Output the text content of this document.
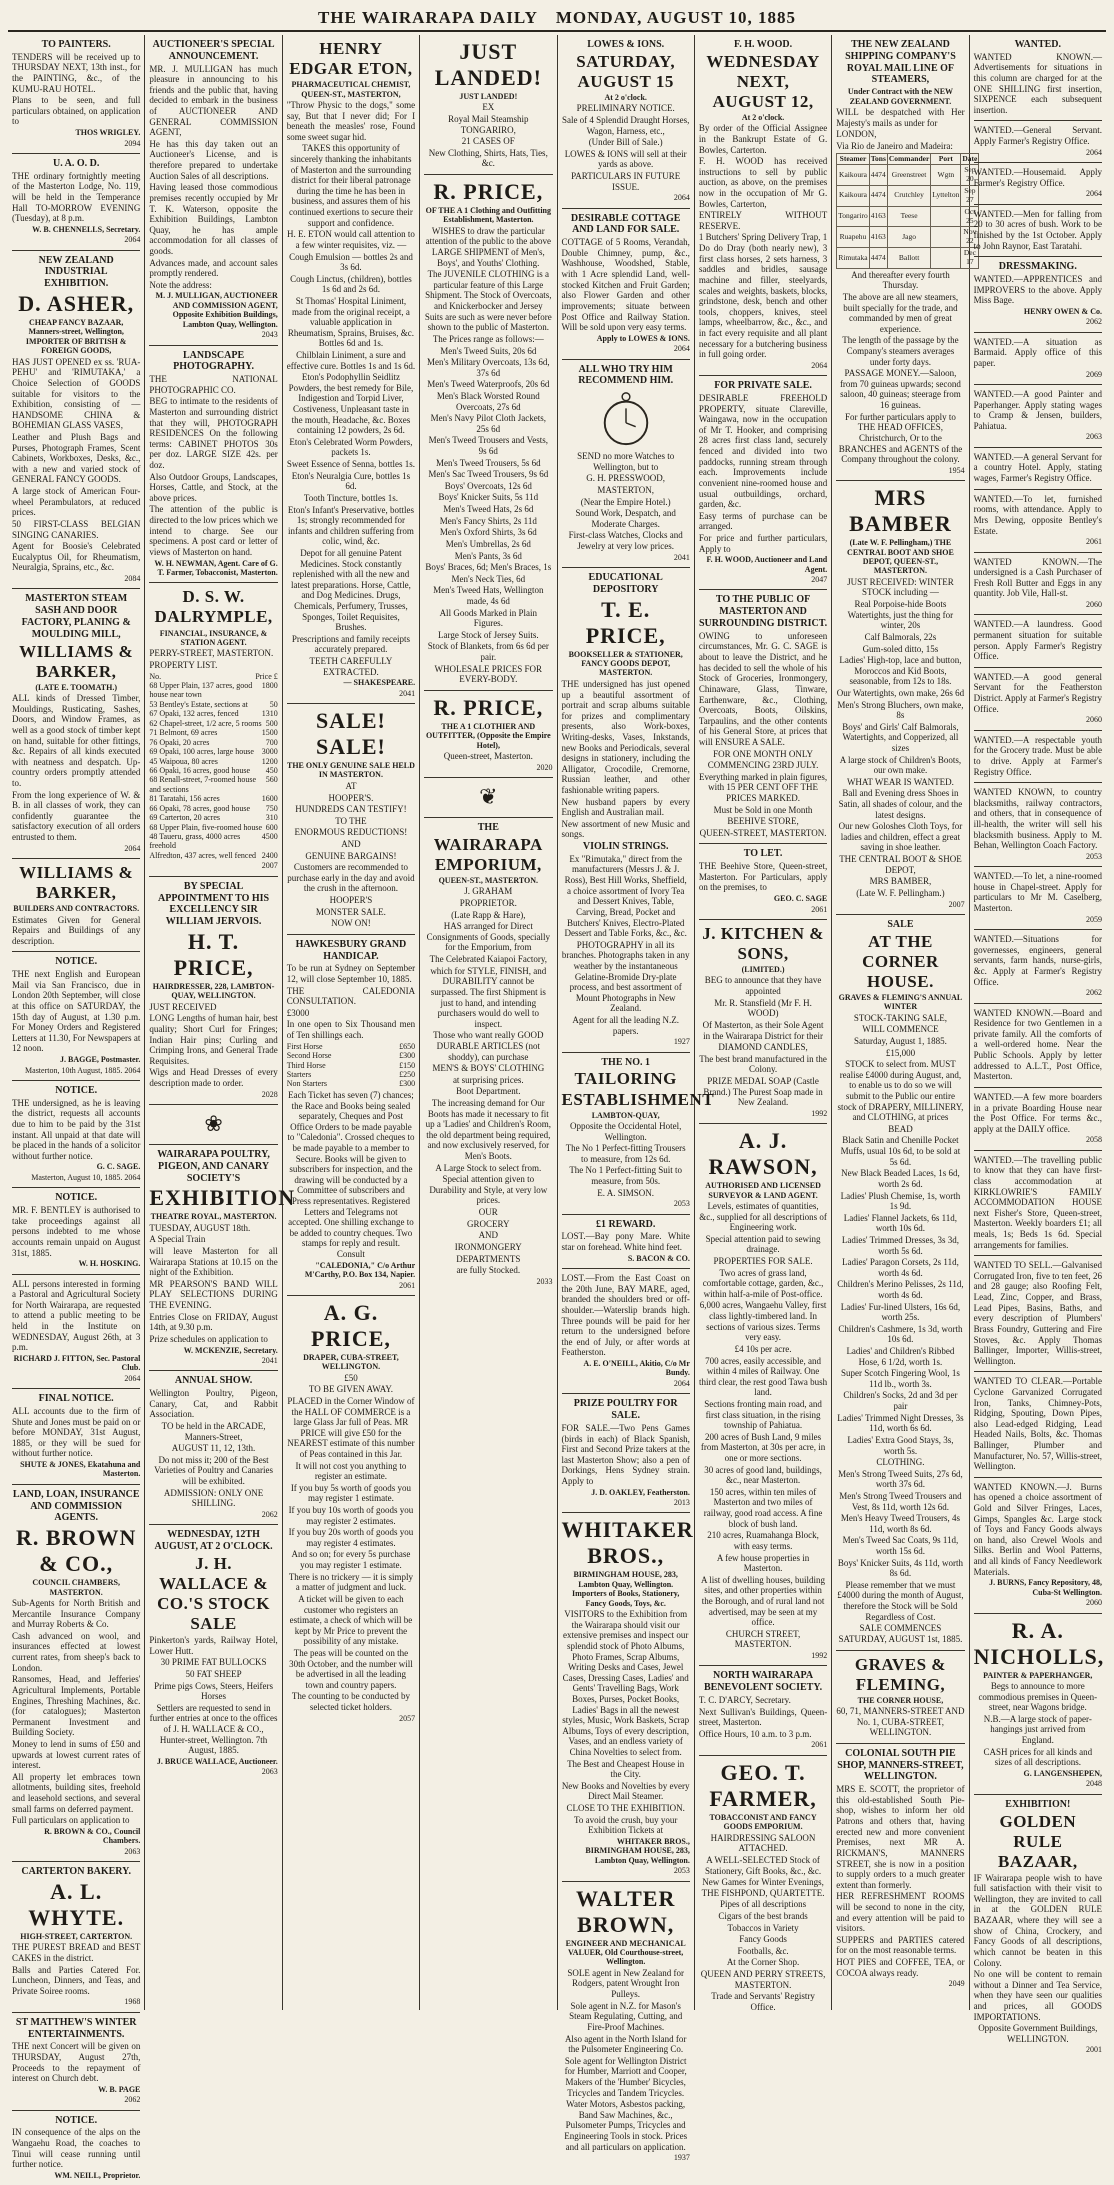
THE WAIRARAPA DAILY MONDAY, AUGUST 10, 1885
TO PAINTERS.

TENDERS will be received up to THURSDAY NEXT, 13th inst., for the PAINTING, &c., of the KUMU-RAU HOTEL.

Plans to be seen, and full particulars obtained, on application to

THOS WRIGLEY.

2094

U. A. O. D.

THE ordinary fortnightly meeting of the Masterton Lodge, No. 119, will be held in the Temperance Hall TO-MORROW EVENING (Tuesday), at 8 p.m.

W. B. CHENNELLS, Secretary.

2064

NEW ZEALAND INDUSTRIAL EXHIBITION.
D. ASHER,
CHEAP FANCY BAZAAR, Manners-street, Wellington, IMPORTER OF BRITISH & FOREIGN GOODS,

HAS JUST OPENED ex ss. 'RUA-PEHU' and 'RIMUTAKA,' a Choice Selection of GOODS suitable for visitors to the Exhibition, consisting of — HANDSOME CHINA & BOHEMIAN GLASS VASES,

Leather and Plush Bags and Purses, Photograph Frames, Scent Cabinets, Workboxes, Desks, &c., with a new and varied stock of GENERAL FANCY GOODS.

A large stock of American Four-wheel Perambulators, at reduced prices.

50 FIRST-CLASS BELGIAN SINGING CANARIES.

Agent for Boosie's Celebrated Eucalyptus Oil, for Rheumatism, Neuralgia, Sprains, etc., &c.

2084

MASTERTON STEAM SASH AND DOOR FACTORY, PLANING & MOULDING MILL,
WILLIAMS & BARKER,
(LATE E. TOOMATH.)

ALL kinds of Dressed Timber, Mouldings, Rusticating, Sashes, Doors, and Window Frames, as well as a good stock of timber kept on hand, suitable for other fittings, &c. Repairs of all kinds executed with neatness and despatch. Up-country orders promptly attended to.

From the long experience of W. & B. in all classes of work, they can confidently guarantee the satisfactory execution of all orders entrusted to them.

2064

WILLIAMS & BARKER,
BUILDERS AND CONTRACTORS.

Estimates Given for General Repairs and Buildings of any description.

NOTICE.

THE next English and European Mail via San Francisco, due in London 20th September, will close at this office on SATURDAY, the 15th day of August, at 1.30 p.m. For Money Orders and Registered Letters at 11.30, For Newspapers at 12 noon.

J. BAGGE, Postmaster.

Masterton, 10th August, 1885. 2064

NOTICE.

THE undersigned, as he is leaving the district, requests all accounts due to him to be paid by the 31st instant. All unpaid at that date will be placed in the hands of a solicitor without further notice.

G. C. SAGE.

Masterton, August 10, 1885. 2064

NOTICE.

MR. F. BENTLEY is authorised to take proceedings against all persons indebted to me whose accounts remain unpaid on August 31st, 1885.

W. H. HOSKING.

ALL persons interested in forming a Pastoral and Agricultural Society for North Wairarapa, are requested to attend a public meeting to be held in the Institute on WEDNESDAY, August 26th, at 3 p.m.

RICHARD J. FITTON, Sec. Pastoral Club.

2064

FINAL NOTICE.

ALL accounts due to the firm of Shute and Jones must be paid on or before MONDAY, 31st August, 1885, or they will be sued for without further notice.

SHUTE & JONES, Ekatahuna and Masterton.

LAND, LOAN, INSURANCE AND COMMISSION AGENTS.
R. BROWN & CO.,
COUNCIL CHAMBERS, MASTERTON.

Sub-Agents for North British and Mercantile Insurance Company and Murray Roberts & Co.

Cash advanced on wool, and insurances effected at lowest current rates, from sheep's back to London.

Ransomes, Head, and Jefferies' Agricultural Implements, Portable Engines, Threshing Machines, &c. (for catalogues); Masterton Permanent Investment and Building Society.

Money to lend in sums of £50 and upwards at lowest current rates of interest.

All property let embraces town allotments, building sites, freehold and leasehold sections, and several small farms on deferred payment.

Full particulars on application to

R. BROWN & CO., Council Chambers.

2063

CARTERTON BAKERY.
A. L. WHYTE.
HIGH-STREET, CARTERTON.

THE PUREST BREAD and BEST CAKES in the district.

Balls and Parties Catered For. Luncheon, Dinners, and Teas, and Private Soiree rooms.

1968

ST MATTHEW'S WINTER ENTERTAINMENTS.

THE next Concert will be given on THURSDAY, August 27th, Proceeds to the repayment of interest on Church debt.

W. B. PAGE

2062

NOTICE.

IN consequence of the alps on the Wangaehu Road, the coaches to Tinui will cease running until further notice.

WM. NEILL, Proprietor.

AUCTIONEER'S SPECIAL ANNOUNCEMENT.

MR. J. MULLIGAN has much pleasure in announcing to his friends and the public that, having decided to embark in the business of AUCTIONEER AND GENERAL COMMISSION AGENT,

He has this day taken out an Auctioneer's License, and is therefore prepared to undertake Auction Sales of all descriptions.

Having leased those commodious premises recently occupied by Mr T. K. Waterson, opposite the Exhibition Buildings, Lambton Quay, he has ample accommodation for all classes of goods.

Advances made, and account sales promptly rendered.

Note the address:

M. J. MULLIGAN, AUCTIONEER AND COMMISSION AGENT, Opposite Exhibition Buildings, Lambton Quay, Wellington.

2043

LANDSCAPE PHOTOGRAPHY.

THE NATIONAL PHOTOGRAPHIC CO.

BEG to intimate to the residents of Masterton and surrounding district that they will, PHOTOGRAPH RESIDENCES On the following terms: CABINET PHOTOS 30s per doz. LARGE SIZE 42s. per doz.

Also Outdoor Groups, Landscapes, Horses, Cattle, and Stock, at the above prices.

The attention of the public is directed to the low prices which we intend to charge. See our specimens. A post card or letter of views of Masterton on hand.

W. H. NEWMAN, Agent. Care of G. T. Farmer, Tobacconist, Masterton.

D. S. W. DALRYMPLE,
FINANCIAL, INSURANCE, & STATION AGENT.

PERRY-STREET, MASTERTON.

PROPERTY LIST.

No.	Price £
68 Upper Plain, 137 acres, good house near town
1800
53 Bentley's Estate, sections at	50
67 Opaki, 132 acres, fenced	1310
62 Chapel-street, 1/2 acre, 5 rooms 500
71 Belmont, 69 acres	1500
76 Opaki, 20 acres	700
69 Opaki, 100 acres, large house 3000
45 Waipoua, 80 acres	1200
66 Opaki, 16 acres, good house 450
68 Renall-street, 7-roomed house and sections
560
81 Taratahi, 156 acres	1600
66 Opaki, 78 acres, good house 750
69 Carterton, 20 acres	310
68 Upper Plain, five-roomed house 600
48 Taueru, grass, 4000 acres freehold
4500
Alfredton, 437 acres, well fenced 2400

2007

BY SPECIAL APPOINTMENT TO HIS EXCELLENCY SIR WILLIAM JERVOIS.
H. T. PRICE,
HAIRDRESSER, 228, LAMBTON-QUAY, WELLINGTON.

JUST RECEIVED

LONG Lengths of human hair, best quality; Short Curl for Fringes; Indian Hair pins; Curling and Crimping Irons, and General Trade Requisites.

Wigs and Head Dresses of every description made to order.

2028

❀
WAIRARAPA POULTRY, PIGEON, AND CANARY SOCIETY'S
EXHIBITION
THEATRE ROYAL, MASTERTON.

TUESDAY, AUGUST 18th.

A Special Train

will leave Masterton for all Wairarapa Stations at 10.15 on the night of the Exhibition.

MR PEARSON'S BAND WILL PLAY SELECTIONS DURING THE EVENING.

Entries Close on FRIDAY, August 14th, at 9.30 p.m.

Prize schedules on application to

W. MCKENZIE, Secretary.

2041

ANNUAL SHOW.

Wellington Poultry, Pigeon, Canary, Cat, and Rabbit Association.

TO be held in the ARCADE, Manners-Street,

AUGUST 11, 12, 13th.

Do not miss it; 200 of the Best Varieties of Poultry and Canaries will be exhibited.

ADMISSION: ONLY ONE SHILLING.

2062

WEDNESDAY, 12TH AUGUST, AT 2 O'CLOCK.
J. H. WALLACE & CO.'S STOCK SALE

Pinkerton's yards, Railway Hotel, Lower Hutt.

30 PRIME FAT BULLOCKS

50 FAT SHEEP

Prime pigs Cows, Steers, Heifers Horses

Settlers are requested to send in further entries at once to the offices of J. H. WALLACE & CO., Hunter-street, Wellington. 7th August, 1885.

J. BRUCE WALLACE, Auctioneer.

2063

HENRY EDGAR ETON,
PHARMACEUTICAL CHEMIST, QUEEN-ST., MASTERTON,

"Throw Physic to the dogs," some say, But that I never did; For I beneath the measles' rose, Found some sweet sugar hid.

TAKES this opportunity of sincerely thanking the inhabitants of Masterton and the surrounding district for their liberal patronage during the time he has been in business, and assures them of his continued exertions to secure their support and confidence.

H. E. ETON would call attention to a few winter requisites, viz. —

Cough Emulsion — bottles 2s and 3s 6d.

Cough Linctus, (children), bottles 1s 6d and 2s 6d.

St Thomas' Hospital Liniment, made from the original receipt, a valuable application in Rheumatism, Sprains, Bruises, &c. Bottles 6d and 1s.

Chilblain Liniment, a sure and effective cure. Bottles 1s and 1s 6d.

Eton's Podophyllin Seidlitz Powders, the best remedy for Bile, Indigestion and Torpid Liver, Costiveness, Unpleasant taste in the mouth, Headache, &c. Boxes containing 12 powders, 2s 6d.

Eton's Celebrated Worm Powders, packets 1s.

Sweet Essence of Senna, bottles 1s.

Eton's Neuralgia Cure, bottles 1s 6d.

Tooth Tincture, bottles 1s.

Eton's Infant's Preservative, bottles 1s; strongly recommended for infants and children suffering from colic, wind, &c.

Depot for all genuine Patent Medicines. Stock constantly replenished with all the new and latest preparations. Horse, Cattle, and Dog Medicines. Drugs, Chemicals, Perfumery, Trusses, Sponges, Toilet Requisites, Brushes.

Prescriptions and family receipts accurately prepared.

TEETH CAREFULLY EXTRACTED.

— SHAKESPEARE.

2041

SALE! SALE!
THE ONLY GENUINE SALE HELD IN MASTERTON.

AT

HOOPER'S.

HUNDREDS CAN TESTIFY!

TO THE

ENORMOUS REDUCTIONS!

AND

GENUINE BARGAINS!

Customers are recommended to purchase early in the day and avoid the crush in the afternoon.

HOOPER'S

MONSTER SALE.

NOW ON!

HAWKESBURY GRAND HANDICAP.

To be run at Sydney on September 12, will close September 10, 1885.

THE CALEDONIA CONSULTATION.

£3000

In one open to Six Thousand men of Ten shillings each.

First Horse	£650
Second Horse	£300
Third Horse	£150
Starters	£250
Non Starters	£300

Each Ticket has seven (7) chances; the Race and Books being sealed separately, Cheques and Post Office Orders to be made payable to "Caledonia". Crossed cheques to be made payable to a member to Secure. Books will be given to subscribers for inspection, and the drawing will be conducted by a Committee of subscribers and Press representatives. Registered Letters and Telegrams not accepted. One shilling exchange to be added to country cheques. Two stamps for reply and result. Consult

"CALEDONIA," C/o Arthur M'Carthy, P.O. Box 134, Napier.

2061

A. G. PRICE,
DRAPER, CUBA-STREET, WELLINGTON.

£50

TO BE GIVEN AWAY.

PLACED in the Corner Window of the HALL OF COMMERCE is a large Glass Jar full of Peas. MR PRICE will give £50 for the NEAREST estimate of this number of Peas contained in this Jar.

It will not cost you anything to register an estimate.

If you buy 5s worth of goods you may register 1 estimate.

If you buy 10s worth of goods you may register 2 estimates.

If you buy 20s worth of goods you may register 4 estimates.

And so on; for every 5s purchase you may register 1 estimate.

There is no trickery — it is simply a matter of judgment and luck.

A ticket will be given to each customer who registers an estimate, a check of which will be kept by Mr Price to prevent the possibility of any mistake.

The peas will be counted on the 30th October, and the number will be advertised in all the leading town and country papers.

The counting to be conducted by selected ticket holders.

2057

JUST LANDED!
JUST LANDED!

EX

Royal Mail Steamship TONGARIRO,

21 CASES OF

New Clothing, Shirts, Hats, Ties, &c.

R. PRICE,
OF THE A 1 Clothing and Outfitting Establishment, Masterton.

WISHES to draw the particular attention of the public to the above LARGE SHIPMENT of Men's, Boys', and Youths' Clothing.

The JUVENILE CLOTHING is a particular feature of this Large Shipment. The Stock of Overcoats, and Knickerbocker and Jersey Suits are such as were never before shown to the public of Masterton.

The Prices range as follows:—

Men's Tweed Suits, 20s 6d

Men's Military Overcoats, 13s 6d, 37s 6d

Men's Tweed Waterproofs, 20s 6d

Men's Black Worsted Round Overcoats, 27s 6d

Men's Navy Pilot Cloth Jackets, 25s 6d

Men's Tweed Trousers and Vests, 9s 6d

Men's Tweed Trousers, 5s 6d

Men's Sac Tweed Trousers, 9s 6d

Boys' Overcoats, 12s 6d

Boys' Knicker Suits, 5s 11d

Men's Tweed Hats, 2s 6d

Men's Fancy Shirts, 2s 11d

Men's Oxford Shirts, 3s 6d

Men's Umbrellas, 2s 6d

Men's Pants, 3s 6d

Boys' Braces, 6d; Men's Braces, 1s

Men's Neck Ties, 6d

Men's Tweed Hats, Wellington made, 4s 6d

All Goods Marked in Plain Figures.

Large Stock of Jersey Suits.

Stock of Blankets, from 6s 6d per pair.

WHOLESALE PRICES FOR EVERY-BODY.

R. PRICE,
THE A 1 CLOTHIER AND OUTFITTER, (Opposite the Empire Hotel),

Queen-street, Masterton.

2020

❦
THE
WAIRARAPA EMPORIUM,
QUEEN-ST., MASTERTON.

J. GRAHAM

PROPRIETOR.

(Late Rapp & Hare),

HAS arranged for Direct Consignments of Goods, specially for the Emporium, from

The Celebrated Kaiapoi Factory,

which for STYLE, FINISH, and DURABILITY cannot be surpassed. The first Shipment is just to hand, and intending purchasers would do well to inspect.

Those who want really GOOD DURABLE ARTICLES (not shoddy), can purchase

MEN'S & BOYS' CLOTHING

at surprising prices.

Boot Department.

The increasing demand for Our Boots has made it necessary to fit up a 'Ladies' and Children's Room, the old department being required, and now exclusively reserved, for Men's Boots.

A Large Stock to select from.

Special attention given to Durability and Style, at very low prices.

OUR

GROCERY

AND

IRONMONGERY

DEPARTMENTS

are fully Stocked.

2033

LOWES & IONS.
SATURDAY, AUGUST 15
At 2 o'clock.

PRELIMINARY NOTICE.

Sale of 4 Splendid Draught Horses, Wagon, Harness, etc.,

(Under Bill of Sale.)

LOWES & IONS will sell at their yards as above.

PARTICULARS IN FUTURE ISSUE.

2064

DESIRABLE COTTAGE AND LAND FOR SALE.

COTTAGE of 5 Rooms, Verandah, Double Chimney, pump, &c., Washhouse, Woodshed, Stable, with 1 Acre splendid Land, well-stocked Kitchen and Fruit Garden; also Flower Garden and other improvements; situate between Post Office and Railway Station. Will be sold upon very easy terms.

Apply to LOWES & IONS.

2064

ALL WHO TRY HIM RECOMMEND HIM.

SEND no more Watches to Wellington, but to

G. H. PRESSWOOD,

MASTERTON,

(Near the Empire Hotel.)

Sound Work, Despatch, and Moderate Charges.

First-class Watches, Clocks and Jewelry at very low prices.

2041

EDUCATIONAL DEPOSITORY
T. E. PRICE,
BOOKSELLER & STATIONER, FANCY GOODS DEPOT, MASTERTON.

THE undersigned has just opened up a beautiful assortment of portrait and scrap albums suitable for prizes and complimentary presents, also Work-boxes, Writing-desks, Vases, Inkstands, new Books and Periodicals, several designs in stationery, including the Alligator, Crocodile, Cremorne, Russian leather, and other fashionable writing papers.

New husband papers by every English and Australian mail.

New assortment of new Music and songs.

VIOLIN STRINGS.

Ex "Rimutaka," direct from the manufacturers (Messrs J. & J. Ross), Best Hill Works, Sheffield, a choice assortment of Ivory Tea and Dessert Knives, Table, Carving, Bread, Pocket and Butchers' Knives, Electro-Plated Dessert and Table Forks, &c., &c.

PHOTOGRAPHY in all its branches. Photographs taken in any weather by the instantaneous Gelatine-Bromide Dry-plate process, and best assortment of Mount Photographs in New Zealand.

Agent for all the leading N.Z. papers.

1927

THE NO. 1
TAILORING ESTABLISHMENT
LAMBTON-QUAY,

Opposite the Occidental Hotel, Wellington.

The No 1 Perfect-fitting Trousers to measure, from 12s 6d.

The No 1 Perfect-fitting Suit to measure, from 50s.

E. A. SIMSON.

2053

£1 REWARD.

LOST.—Bay pony Mare. White star on forehead. White hind feet.

S. BACON & CO.

LOST.—From the East Coast on the 20th June, BAY MARE, aged, branded the shoulders bred or off-shoulder.—Waterslip brands high. Three pounds will be paid for her return to the undersigned before the end of July, or after words at Featherston.

A. E. O'NEILL, Akitio, C/o Mr Bundy.

2064

PRIZE POULTRY FOR SALE.

FOR SALE.—Two Pens Games (birds in each) of Black Spanish, First and Second Prize takers at the last Masterton Show; also a pen of Dorkings, Hens Sydney strain. Apply to

J. D. OAKLEY, Featherston.

2013

WHITAKER BROS.,
BIRMINGHAM HOUSE, 283, Lambton Quay, Wellington. Importers of Books, Stationery, Fancy Goods, Toys, &c.

VISITORS to the Exhibition from the Wairarapa should visit our extensive premises and inspect our splendid stock of Photo Albums, Photo Frames, Scrap Albums, Writing Desks and Cases, Jewel Cases, Dressing Cases, Ladies' and Gents' Travelling Bags, Work Boxes, Purses, Pocket Books, Ladies' Bags in all the newest styles, Music, Work Baskets, Scrap Albums, Toys of every description, Vases, and an endless variety of China Novelties to select from.

The Best and Cheapest House in the City.

New Books and Novelties by every Direct Mail Steamer.

CLOSE TO THE EXHIBITION.

To avoid the crush, buy your Exhibition Tickets at

WHITAKER BROS., BIRMINGHAM HOUSE, 283, Lambton Quay, Wellington.

2053

WALTER BROWN,
ENGINEER AND MECHANICAL VALUER, Old Courthouse-street, Wellington.

SOLE agent in New Zealand for Rodgers, patent Wrought Iron Pulleys.

Sole agent in N.Z. for Mason's Steam Regulating, Cutting, and Fire-Proof Machines.

Also agent in the North Island for the Pulsometer Engineering Co.

Sole agent for Wellington District for Humber, Marriott and Cooper, Makers of the 'Humber' Bicycles, Tricycles and Tandem Tricycles.

Water Motors, Asbestos packing, Band Saw Machines, &c., Pulsometer Pumps, Tricycles and Engineering Tools in stock. Prices and all particulars on application.

1937

F. H. WOOD.
WEDNESDAY NEXT, AUGUST 12,
At 2 o'clock.

By order of the Official Assignee in the Bankrupt Estate of G. Bowles, Carterton.

F. H. WOOD has received instructions to sell by public auction, as above, on the premises now in the occupation of Mr G. Bowles, Carterton,

ENTIRELY WITHOUT RESERVE.

1 Butchers' Spring Delivery Trap, 1 Do do Dray (both nearly new), 3 first class horses, 2 sets harness, 3 saddles and bridles, sausage machine and filler, steelyards, scales and weights, baskets, blocks, grindstone, desk, bench and other tools, choppers, knives, steel lamps, wheelbarrow, &c., &c., and in fact every requisite and all plant necessary for a butchering business in full going order.

2064

FOR PRIVATE SALE.

DESIRABLE FREEHOLD PROPERTY, situate Clareville, Waingawa, now in the occupation of Mr T. Hooker, and comprising 28 acres first class land, securely fenced and divided into two paddocks, running stream through each. Improvements include convenient nine-roomed house and usual outbuildings, orchard, garden, &c.

Easy terms of purchase can be arranged.

For price and further particulars, Apply to

F. H. WOOD, Auctioneer and Land Agent.

2047

TO THE PUBLIC OF MASTERTON AND SURROUNDING DISTRICT.

OWING to unforeseen circumstances, Mr. G. C. SAGE is about to leave the District, and he has decided to sell the whole of his Stock of Groceries, Ironmongery, Chinaware, Glass, Tinware, Earthenware, &c., Clothing, Overcoats, Boots, Oilskins, Tarpaulins, and the other contents of his General Store, at prices that will ENSURE A SALE.

FOR ONE MONTH ONLY

COMMENCING 23RD JULY.

Everything marked in plain figures, with 15 PER CENT OFF THE PRICES MARKED.

Must be Sold in one Month

BEEHIVE STORE,

QUEEN-STREET, MASTERTON.

TO LET.

THE Beehive Store, Queen-street, Masterton. For Particulars, apply on the premises, to

GEO. C. SAGE

2061

J. KITCHEN & SONS,
(LIMITED.)

BEG to announce that they have appointed

Mr. R. Stansfield (Mr F. H. WOOD)

Of Masterton, as their Sole Agent in the Wairarapa District for their

DIAMOND CANDLES,

The best brand manufactured in the Colony.

PRIZE MEDAL SOAP (Castle Brand.) The Purest Soap made in New Zealand.

1992

A. J. RAWSON,
AUTHORISED AND LICENSED SURVEYOR & LAND AGENT.

Levels, estimates of quantities, &c., supplied for all descriptions of Engineering work.

Special attention paid to sewing drainage.

PROPERTIES FOR SALE.

Two acres of grass land, comfortable cottage, garden, &c., within half-a-mile of Post-office.

6,000 acres, Wangaehu Valley, first class lightly-timbered land. In sections of various sizes. Terms very easy.

£4 10s per acre.

700 acres, easily accessible, and within 4 miles of Railway. One third clear, the rest good Tawa bush land.

Sections fronting main road, and first class situation, in the rising township of Pahiatua.

200 acres of Bush Land, 9 miles from Masterton, at 30s per acre, in one or more sections.

30 acres of good land, buildings, &c., near Masterton.

150 acres, within ten miles of Masterton and two miles of railway, good road access. A fine block of bush land.

210 acres, Ruamahanga Block, with easy terms.

A few house properties in Masterton.

A list of dwelling houses, building sites, and other properties within the Borough, and of rural land not advertised, may be seen at my office.

CHURCH STREET, MASTERTON.

1992

NORTH WAIRARAPA BENEVOLENT SOCIETY.

T. C. D'ARCY, Secretary.

Next Sullivan's Buildings, Queen-street, Masterton.

Office Hours, 10 a.m. to 3 p.m.

2061

GEO. T. FARMER,
TOBACCONIST AND FANCY GOODS EMPORIUM.

HAIRDRESSING SALOON ATTACHED.

A WELL-SELECTED Stock of Stationery, Gift Books, &c., &c.

New Games for Winter Evenings, THE FISHPOND, QUARTETTE.

Pipes of all descriptions

Cigars of the best brands

Tobaccos in Variety

Fancy Goods

Footballs, &c.

At the Corner Shop.

QUEEN AND PERRY STREETS, MASTERTON.

Trade and Servants' Registry Office.

THE NEW ZEALAND SHIPPING COMPANY'S ROYAL MAIL LINE OF STEAMERS,
Under Contract with the NEW ZEALAND GOVERNMENT.

WILL be despatched with Her Majesty's mails as under for

LONDON,

Via Rio de Janeiro and Madeira:

Steamer	Tons	Commander	Port	Date
Kaikoura	4474	Greenstreet	Wgtn	Sep 20
Kaikoura	4474	Crutchley	Lyttelton	Sep 27
Tongariro	4163	Teese		Oct 25
Ruapehu	4163	Jago		Nov 22
Rimutaka	4474	Ballott		Dec 17

And thereafter every fourth Thursday.

The above are all new steamers, built specially for the trade, and commanded by men of great experience.

The length of the passage by the Company's steamers averages under forty days.

PASSAGE MONEY.—Saloon, from 70 guineas upwards; second saloon, 40 guineas; steerage from 16 guineas.

For further particulars apply to THE HEAD OFFICES, Christchurch, Or to the BRANCHES and AGENTS of the Company throughout the colony.

1954

MRS BAMBER
(Late W. F. Pellingham,) THE CENTRAL BOOT AND SHOE DEPOT, QUEEN-ST., MASTERTON.

JUST RECEIVED: WINTER STOCK including —

Real Porpoise-hide Boots Watertights, just the thing for winter, 20s

Calf Balmorals, 22s

Gum-soled ditto, 15s

Ladies' High-top, lace and button, Moroccos and Kid Boots, seasonable, from 12s to 18s.

Our Watertights, own make, 26s 6d

Men's Strong Bluchers, own make, 8s

Boys' and Girls' Calf Balmorals, Watertights, and Copperized, all sizes

A large stock of Children's Boots, our own make.

WHAT WEAR IS WANTED.

Ball and Evening dress Shoes in Satin, all shades of colour, and the latest designs.

Our new Goloshes Cloth Toys, for ladies and children, effect a great saving in shoe leather.

THE CENTRAL BOOT & SHOE DEPOT,

MRS BAMBER,

(Late W. F. Pellingham.)

2007

SALE
AT THE CORNER HOUSE.
GRAVES & FLEMING'S ANNUAL WINTER

STOCK-TAKING SALE,

WILL COMMENCE

Saturday, August 1, 1885.

£15,000

STOCK to select from. MUST realise £4000 during August, and, to enable us to do so we will submit to the Public our entire stock of DRAPERY, MILLINERY, and CLOTHING, at prices

BEAD

Black Satin and Chenille Pocket Muffs, usual 10s 6d, to be sold at 5s 6d.

New Black Beaded Laces, 1s 6d, worth 2s 6d.

Ladies' Plush Chemise, 1s, worth 1s 9d.

Ladies' Flannel Jackets, 6s 11d, worth 10s 6d.

Ladies' Trimmed Dresses, 3s 3d, worth 5s 6d.

Ladies' Paragon Corsets, 2s 11d, worth 4s 6d.

Children's Merino Pelisses, 2s 11d, worth 4s 6d.

Ladies' Fur-lined Ulsters, 16s 6d, worth 25s.

Children's Cashmere, 1s 3d, worth 10s 6d.

Ladies' and Children's Ribbed Hose, 6 1/2d, worth 1s.

Super Scotch Fingering Wool, 1s 11d lb., worth 3s.

Children's Socks, 2d and 3d per pair

Ladies' Trimmed Night Dresses, 3s 11d, worth 6s 6d.

Ladies' Extra Good Stays, 3s, worth 5s.

CLOTHING.

Men's Strong Tweed Suits, 27s 6d, worth 37s 6d.

Men's Strong Tweed Trousers and Vest, 8s 11d, worth 12s 6d.

Men's Heavy Tweed Trousers, 4s 11d, worth 8s 6d.

Men's Tweed Sac Coats, 9s 11d, worth 15s 6d.

Boys' Knicker Suits, 4s 11d, worth 8s 6d.

Please remember that we must £4000 during the month of August, therefore the Stock will be Sold Regardless of Cost.

SALE COMMENCES SATURDAY, AUGUST 1st, 1885.

GRAVES & FLEMING,
THE CORNER HOUSE,

60, 71, MANNERS-STREET AND No. 1, CUBA-STREET, WELLINGTON.

COLONIAL SOUTH PIE SHOP, MANNERS-STREET, WELLINGTON.

MRS E. SCOTT, the proprietor of this old-established South Pie-shop, wishes to inform her old Patrons and others that, having erected new and more convenient Premises, next MR A. RICKMAN'S, MANNERS STREET, she is now in a position to supply orders to a much greater extent than formerly.

HER REFRESHMENT ROOMS will be second to none in the city, and every attention will be paid to visitors.

SUPPERS and PARTIES catered for on the most reasonable terms.

HOT PIES and COFFEE, TEA, or COCOA always ready.

2049

WANTED.

WANTED KNOWN.—Advertisements for situations in this column are charged for at the ONE SHILLING first insertion, SIXPENCE each subsequent insertion.

WANTED.—General Servant. Apply Farmer's Registry Office.

2064

WANTED.—Housemaid. Apply Farmer's Registry Office.

2064

WANTED.—Men for falling from 20 to 30 acres of bush. Work to be finished by the 1st October. Apply to John Raynor, East Taratahi.

DRESSMAKING.

WANTED.—APPRENTICES and IMPROVERS to the above. Apply Miss Bage.

HENRY OWEN & Co.

2062

WANTED.—A situation as Barmaid. Apply office of this paper.

2069

WANTED.—A good Painter and Paperhanger. Apply stating wages to Cramp & Jensen, builders, Pahiatua.

2063

WANTED.—A general Servant for a country Hotel. Apply, stating wages, Farmer's Registry Office.

WANTED.—To let, furnished rooms, with attendance. Apply to Mrs Dewing, opposite Bentley's Estate.

2061

WANTED KNOWN.—The undersigned is a Cash Purchaser of Fresh Roll Butter and Eggs in any quantity. Job Vile, Hall-st.

2060

WANTED.—A laundress. Good permanent situation for suitable person. Apply Farmer's Registry Office.

WANTED.—A good general Servant for the Featherston District. Apply at Farmer's Registry Office.

2060

WANTED.—A respectable youth for the Grocery trade. Must be able to drive. Apply at Farmer's Registry Office.

WANTED KNOWN, to country blacksmiths, railway contractors, and others, that in consequence of ill-health, the writer will sell his blacksmith business. Apply to M. Behan, Wellington Coach Factory.

2053

WANTED.—To let, a nine-roomed house in Chapel-street. Apply for particulars to Mr M. Caselberg, Masterton.

2059

WANTED.—Situations for governesses, engineers, general servants, farm hands, nurse-girls, &c. Apply at Farmer's Registry Office.

2062

WANTED KNOWN.—Board and Residence for two Gentlemen in a private family. All the comforts of a well-ordered home. Near the Public Schools. Apply by letter addressed to A.L.T., Post Office, Masterton.

WANTED.—A few more boarders in a private Boarding House near the Post Office. For terms &c., apply at the DAILY office.

2058

WANTED.—The travelling public to know that they can have first-class accommodation at KIRKLOWRIE'S FAMILY ACCOMMODATION HOUSE next Fisher's Store, Queen-street, Masterton. Weekly boarders £1; all meals, 1s; Beds 1s 6d. Special arrangements for families.

WANTED TO SELL.—Galvanised Corrugated Iron, five to ten feet, 26 and 28 gauge; also Roofing Felt, Lead, Zinc, Copper, and Brass, Lead Pipes, Basins, Baths, and every description of Plumbers' Brass Foundry, Guttering and Fire Stoves, &c. Apply Thomas Ballinger, Importer, Willis-street, Wellington.

WANTED TO CLEAR.—Portable Cyclone Garvanized Corrugated Iron, Tanks, Chimney-Pots, Ridging, Spouting, Down Pipes, also Lead-edged Ridging, Lead Headed Nails, Bolts, &c. Thomas Ballinger, Plumber and Manufacturer, No. 57, Willis-street, Wellington.

WANTED KNOWN.—J. Burns has opened a choice assortment of Gold and Silver Fringes, Laces, Gimps, Spangles &c. Large stock of Toys and Fancy Goods always on hand, also Crewel Wools and Silks. Berlin and Wool Patterns, and all kinds of Fancy Needlework Materials.

J. BURNS, Fancy Repository, 48, Cuba-St Wellington.

2060

R. A. NICHOLLS,
PAINTER & PAPERHANGER,

Begs to announce to more commodious premises in Queen-street, near Wagons bridge.

N.B.—A large stock of paper-hangings just arrived from England.

CASH prices for all kinds and sizes of all descriptions.

G. LANGENSHEPEN,

2048

EXHIBITION!
GOLDEN RULE BAZAAR,

IF Wairarapa people wish to have full satisfaction with their visit to Wellington, they are invited to call in at the GOLDEN RULE BAZAAR, where they will see a show of China, Crockery, and Fancy Goods of all descriptions, which cannot be beaten in this Colony.

No one will be content to remain without a Dinner and Tea Service, when they have seen our qualities and prices, all GOODS IMPORTATIONS.

Opposite Government Buildings, WELLINGTON.

2001
